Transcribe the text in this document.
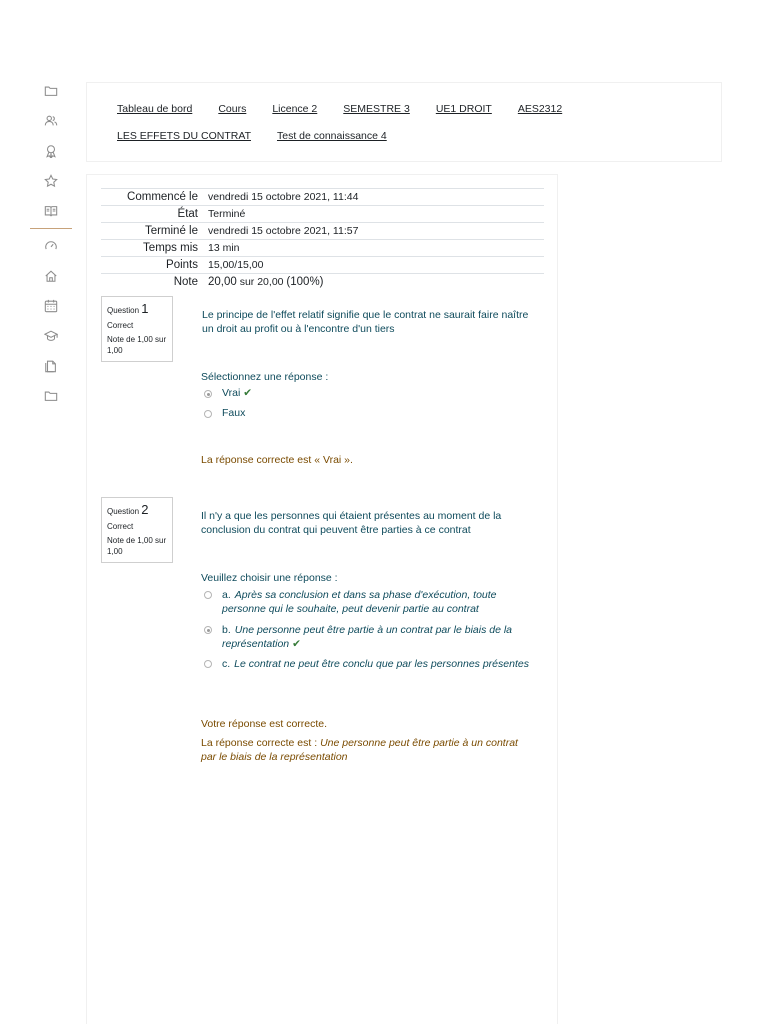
Tableau de bord Cours Licence 2 SEMESTRE 3 UE1 DROIT AES2312
LES EFFETS DU CONTRAT Test de connaissance 4
Commencé le	vendredi 15 octobre 2021, 11:44
État	Terminé
Terminé le	vendredi 15 octobre 2021, 11:57
Temps mis	13 min
Points	15,00/15,00
Note	20,00 sur 20,00 (100%)
Question 1
Correct
Note de 1,00 sur 1,00
Le principe de l'effet relatif signifie que le contrat ne saurait faire naître un droit au profit ou à l'encontre d'un tiers
Sélectionnez une réponse :
Vrai ✔
Faux
La réponse correcte est « Vrai ».
Question 2
Correct
Note de 1,00 sur 1,00
Il n'y a que les personnes qui étaient présentes au moment de la conclusion du contrat qui peuvent être parties à ce contrat
Veuillez choisir une réponse :
a. Après sa conclusion et dans sa phase d'exécution, toute personne qui le souhaite, peut devenir partie au contrat
b. Une personne peut être partie à un contrat par le biais de la représentation ✔
c. Le contrat ne peut être conclu que par les personnes présentes
Votre réponse est correcte.
La réponse correcte est : Une personne peut être partie à un contrat par le biais de la représentation
